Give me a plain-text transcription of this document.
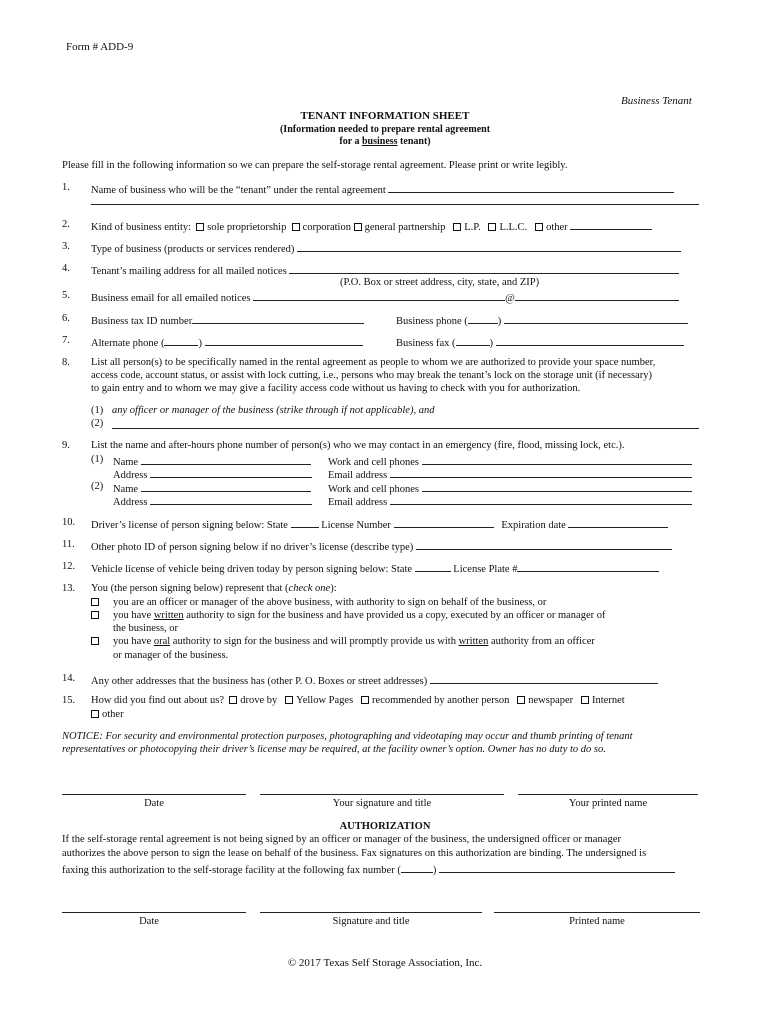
Form # ADD-9
Business Tenant
TENANT INFORMATION SHEET
(Information needed to prepare rental agreement
for a business tenant)
Please fill in the following information so we can prepare the self-storage rental agreement. Please print or write legibly.
1. Name of business who will be the “tenant” under the rental agreement
2. Kind of business entity: sole proprietorship corporation general partnership L.P. L.L.C. other
3. Type of business (products or services rendered)
4. Tenant’s mailing address for all mailed notices
(P.O. Box or street address, city, state, and ZIP)
5. Business email for all emailed notices	@
6. Business tax ID number	Business phone (	)
7. Alternate phone (	)	Business fax (	)
8. List all person(s) to be specifically named in the rental agreement as people to whom we are authorized to provide your space number,
access code, account status, or assist with lock cutting, i.e., persons who may break the tenant’s lock on the storage unit (if necessary)
to gain entry and to whom we may give a facility access code without us having to check with you for authorization.
(1) any officer or manager of the business (strike through if not applicable), and
(2)
9. List the name and after-hours phone number of person(s) who we may contact in an emergency (fire, flood, missing lock, etc.).
(1) Name	Work and cell phones
Address	Email address
(2) Name	Work and cell phones
Address	Email address
10. Driver’s license of person signing below: State	License Number	Expiration date
11. Other photo ID of person signing below if no driver’s license (describe type)
12. Vehicle license of vehicle being driven today by person signing below: State	License Plate #
13. You (the person signing below) represent that (check one):
you are an officer or manager of the above business, with authority to sign on behalf of the business, or
you have written authority to sign for the business and have provided us a copy, executed by an officer or manager of
the business, or
you have oral authority to sign for the business and will promptly provide us with written authority from an officer
or manager of the business.
14. Any other addresses that the business has (other P. O. Boxes or street addresses)
15. How did you find out about us? drove by Yellow Pages recommended by another person newspaper Internet
other
NOTICE: For security and environmental protection purposes, photographing and videotaping may occur and thumb printing of tenant
representatives or photocopying their driver’s license may be required, at the facility owner’s option. Owner has no duty to do so.
Date	Your signature and title	Your printed name
AUTHORIZATION
If the self-storage rental agreement is not being signed by an officer or manager of the business, the undersigned officer or manager
authorizes the above person to sign the lease on behalf of the business. Fax signatures on this authorization are binding. The undersigned is
faxing this authorization to the self-storage facility at the following fax number (	)
Date	Signature and title	Printed name
© 2017 Texas Self Storage Association, Inc.
